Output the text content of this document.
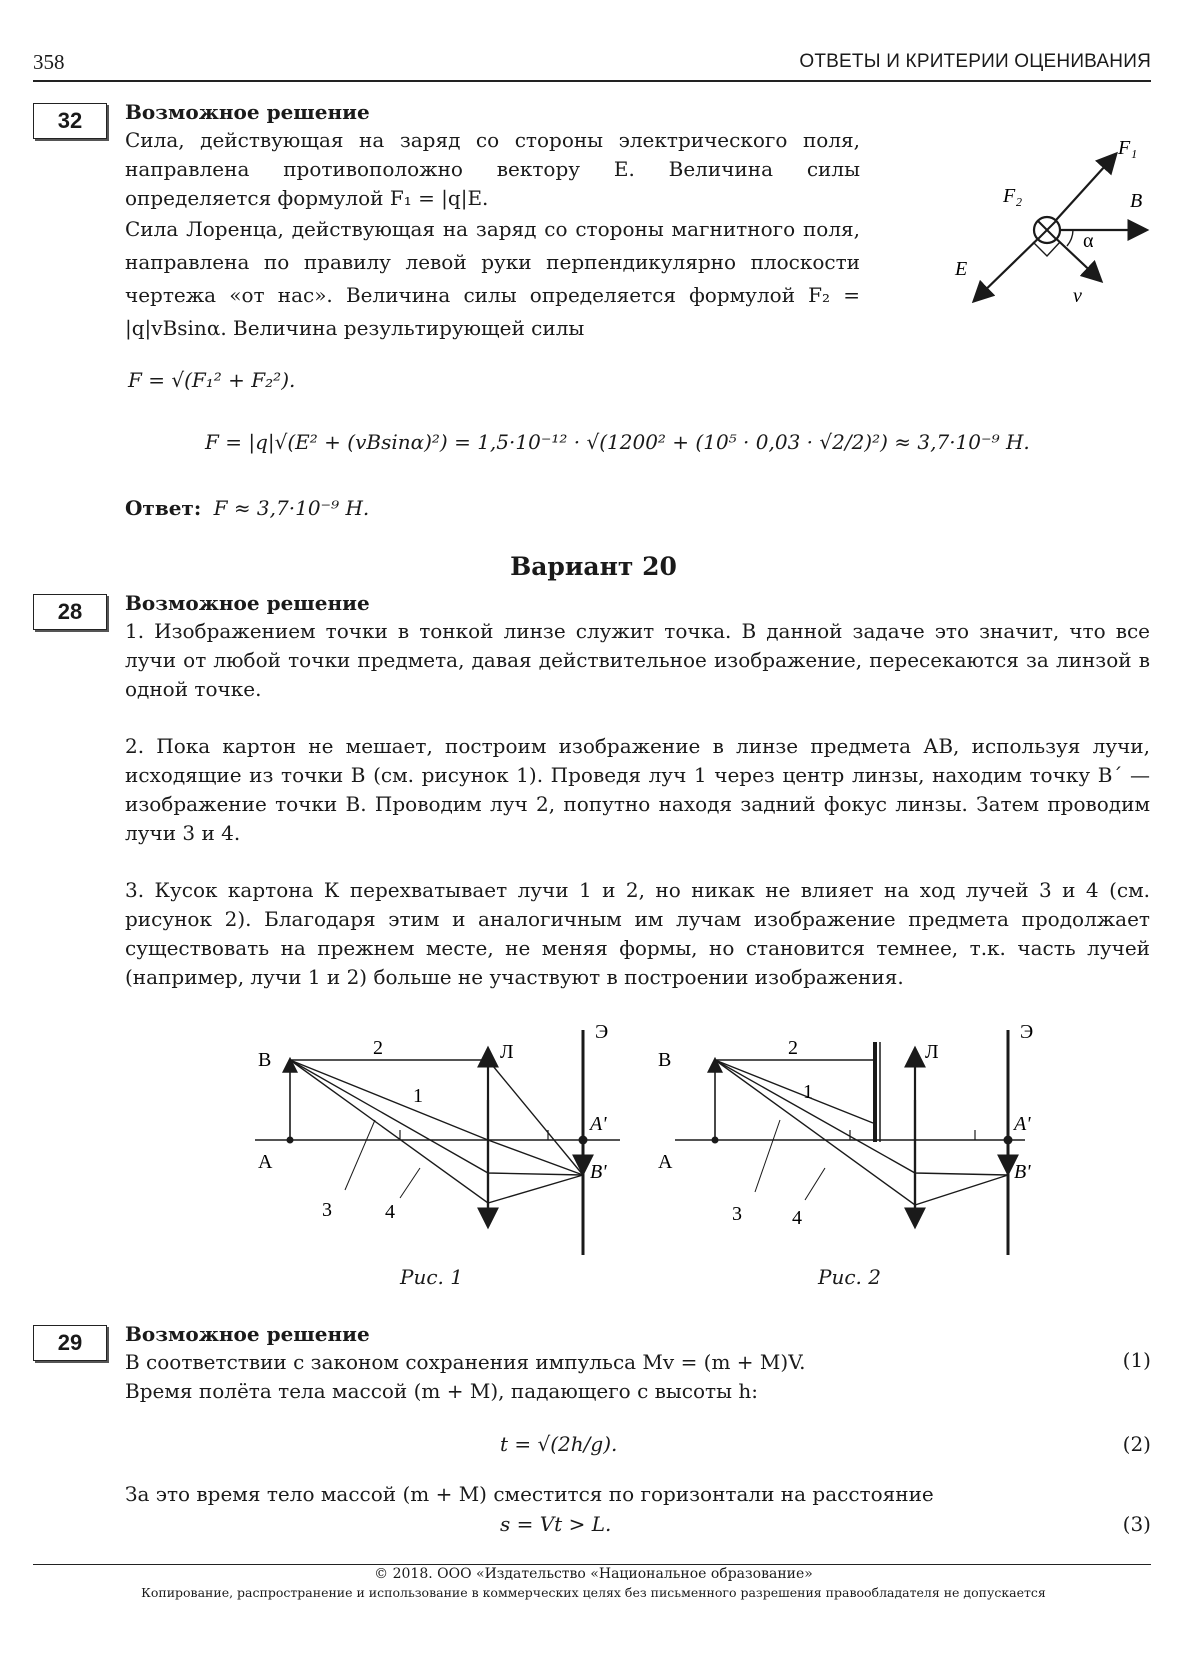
358	ОТВЕТЫ И КРИТЕРИИ ОЦЕНИВАНИЯ
32	Возможное решение
Сила, действующая на заряд со стороны электрического поля, направлена противоположно вектору E. Величина силы определяется формулой F₁ = |q|E.
Сила Лоренца, действующая на заряд со стороны магнитного поля, направлена по правилу левой руки перпендикулярно плоскости чертежа «от нас». Величина силы определяется формулой F₂ = |q|vBsinα. Величина результирующей силы
F = √(F₁² + F₂²).
F = |q|√(E² + (vBsinα)²) = 1,5·10⁻¹² · √(1200² + (10⁵ · 0,03 · √2/2)²) ≈ 3,7·10⁻⁹ Н.
Ответ: F ≈ 3,7·10⁻⁹ Н.
F₁
F₂	B
E
v
α
Вариант 20
28	Возможное решение
1. Изображением точки в тонкой линзе служит точка. В данной задаче это значит, что все лучи от любой точки предмета, давая действительное изображение, пересекаются за линзой в одной точке.
2. Пока картон не мешает, построим изображение в линзе предмета АВ, используя лучи, исходящие из точки В (см. рисунок 1). Проведя луч 1 через центр линзы, находим точку В´ — изображение точки В. Проводим луч 2, попутно находя задний фокус линзы. Затем проводим лучи 3 и 4.
3. Кусок картона К перехватывает лучи 1 и 2, но никак не влияет на ход лучей 3 и 4 (см. рисунок 2). Благодаря этим и аналогичным им лучам изображение предмета продолжает существовать на прежнем месте, не меняя формы, но становится темнее, т.к. часть лучей (например, лучи 1 и 2) больше не участвуют в построении изображения.
В
А
Л
Э
A'
B'
2
1
3	4
Рис. 1
В
А
Л
Э
A'
B'
2
1
3	4
Рис. 2
29	Возможное решение
В соответствии с законом сохранения импульса Mv = (m + M)V.	(1)
Время полёта тела массой (m + M), падающего с высоты h:
t = √(2h/g).	(2)
За это время тело массой (m + M) сместится по горизонтали на расстояние
s = Vt > L.	(3)
© 2018. ООО «Издательство «Национальное образование»
Копирование, распространение и использование в коммерческих целях без письменного разрешения правообладателя не допускается
